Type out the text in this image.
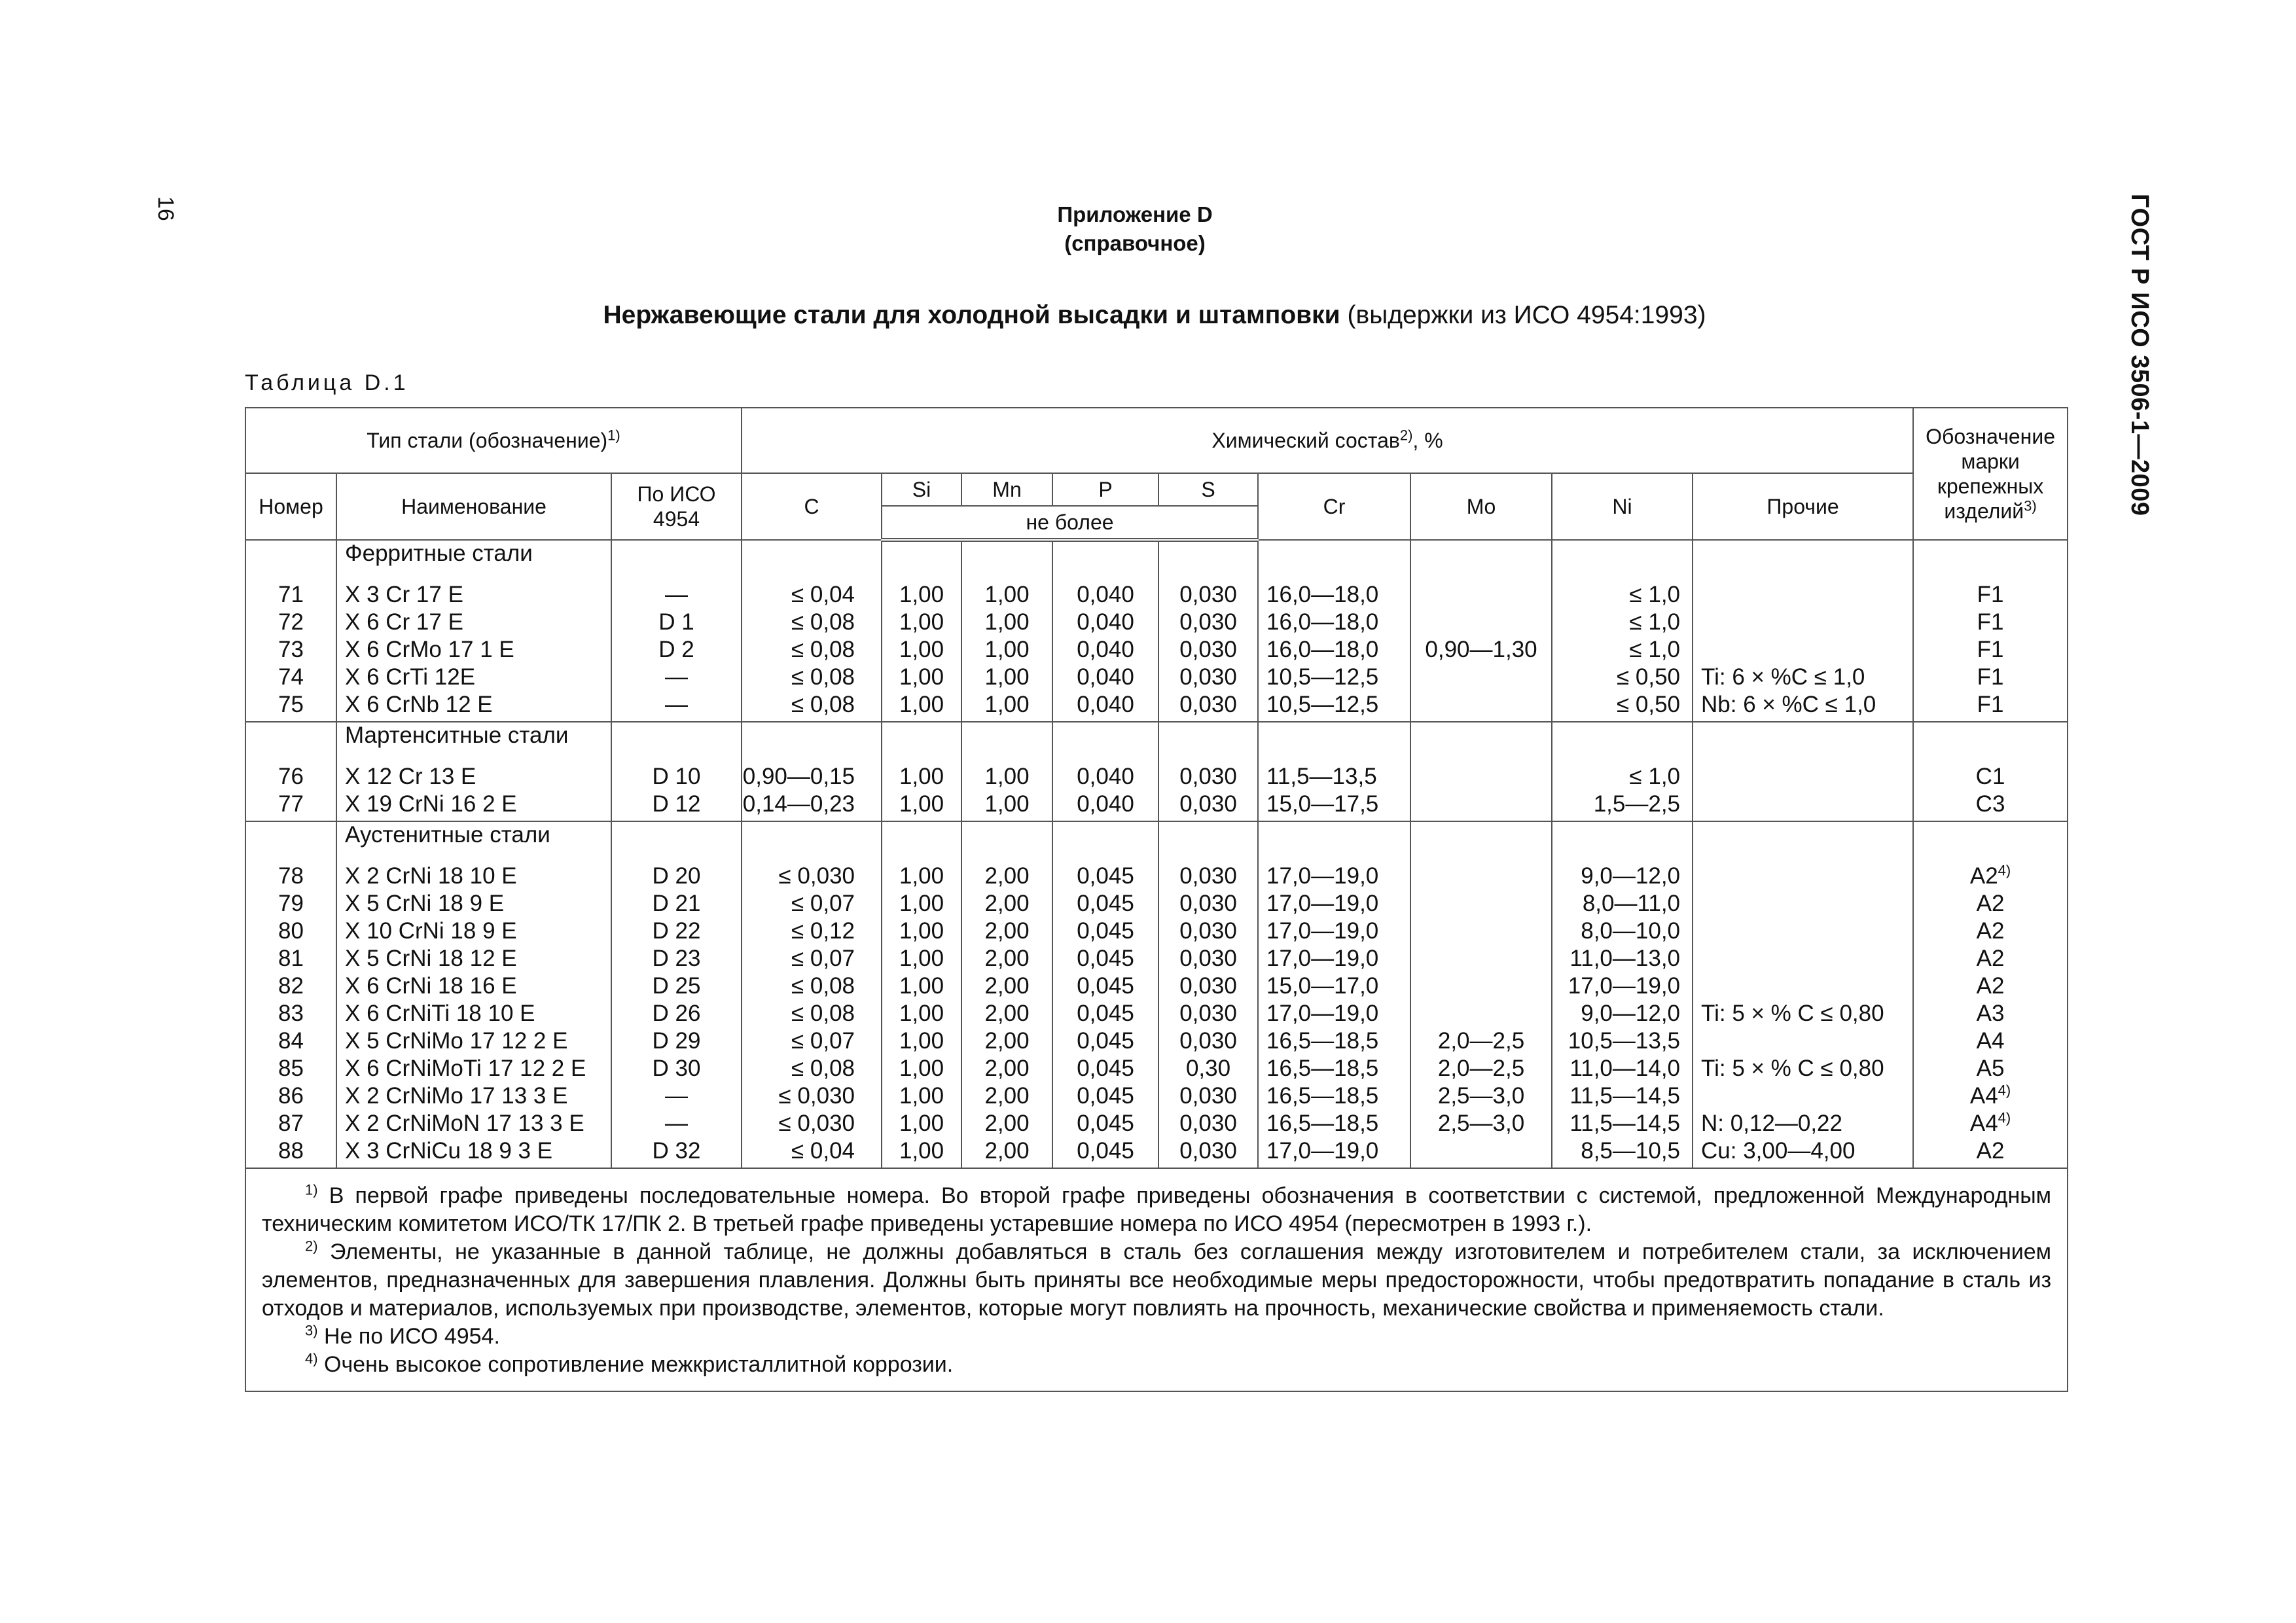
16	ГОСТ Р ИСО 3506-1—2009
Приложение D
(справочное)
Нержавеющие стали для холодной высадки и штамповки (выдержки из ИСО 4954:1993)
Таблица D.1
Тип стали (обозначение)$^{1)}$			Химический состав$^{2)}$, %									Обозначение марки крепежных изделий$^{3)}$
Номер	Наименование	По ИСО 4954	C	Si	Mn	P	S	Cr	Mo	Ni	Прочие	
				не более								
	Ферритные стали											

71	X 3 Cr 17 E	—	≤ 0,04	1,00	1,00	0,040	0,030	16,0—18,0		≤ 1,0		F1
72	X 6 Cr 17 E	D 1	≤ 0,08	1,00	1,00	0,040	0,030	16,0—18,0		≤ 1,0		F1
73	X 6 CrMo 17 1 E	D 2	≤ 0,08	1,00	1,00	0,040	0,030	16,0—18,0	0,90—1,30	≤ 1,0		F1
74	X 6 CrTi 12E	—	≤ 0,08	1,00	1,00	0,040	0,030	10,5—12,5		≤ 0,50	Ti: 6 × %C ≤ 1,0	F1
75	X 6 CrNb 12 E	—	≤ 0,08	1,00	1,00	0,040	0,030	10,5—12,5		≤ 0,50	Nb: 6 × %C ≤ 1,0	F1
	Мартенситные стали											

76	X 12 Cr 13 E	D 10	0,90—0,15	1,00	1,00	0,040	0,030	11,5—13,5		≤ 1,0		C1
77	X 19 CrNi 16 2 E	D 12	0,14—0,23	1,00	1,00	0,040	0,030	15,0—17,5		1,5—2,5		C3
	Аустенитные стали											

78	X 2 CrNi 18 10 E	D 20	≤ 0,030	1,00	2,00	0,045	0,030	17,0—19,0		9,0—12,0		A2$^{4)}$
79	X 5 CrNi 18 9 E	D 21	≤ 0,07	1,00	2,00	0,045	0,030	17,0—19,0		8,0—11,0		A2
80	X 10 CrNi 18 9 E	D 22	≤ 0,12	1,00	2,00	0,045	0,030	17,0—19,0		8,0—10,0		A2
81	X 5 CrNi 18 12 E	D 23	≤ 0,07	1,00	2,00	0,045	0,030	17,0—19,0		11,0—13,0		A2
82	X 6 CrNi 18 16 E	D 25	≤ 0,08	1,00	2,00	0,045	0,030	15,0—17,0		17,0—19,0		A2
83	X 6 CrNiTi 18 10 E	D 26	≤ 0,08	1,00	2,00	0,045	0,030	17,0—19,0		9,0—12,0	Ti: 5 × % C ≤ 0,80	A3
84	X 5 CrNiMo 17 12 2 E	D 29	≤ 0,07	1,00	2,00	0,045	0,030	16,5—18,5	2,0—2,5	10,5—13,5		A4
85	X 6 CrNiMoTi 17 12 2 E	D 30	≤ 0,08	1,00	2,00	0,045	0,30	16,5—18,5	2,0—2,5	11,0—14,0	Ti: 5 × % C ≤ 0,80	A5
86	X 2 CrNiMo 17 13 3 E	—	≤ 0,030	1,00	2,00	0,045	0,030	16,5—18,5	2,5—3,0	11,5—14,5		A4$^{4)}$
87	X 2 CrNiMoN 17 13 3 E	—	≤ 0,030	1,00	2,00	0,045	0,030	16,5—18,5	2,5—3,0	11,5—14,5	N: 0,12—0,22	A4$^{4)}$
88	X 3 CrNiCu 18 9 3 E	D 32	≤ 0,04	1,00	2,00	0,045	0,030	17,0—19,0		8,5—10,5	Cu: 3,00—4,00	A2

$^{1)}$ В первой графе приведены последовательные номера. Во второй графе приведены обозначения в соответствии с системой, предложенной Международным техническим комитетом ИСО/ТК 17/ПК 2. В третьей графе приведены устаревшие номера по ИСО 4954 (пересмотрен в 1993 г.).

$^{2)}$ Элементы, не указанные в данной таблице, не должны добавляться в сталь без соглашения между изготовителем и потребителем стали, за исключением элементов, предназначенных для завершения плавления. Должны быть приняты все необходимые меры предосторожности, чтобы предотвратить попадание в сталь из отходов и материалов, используемых при производстве, элементов, которые могут повлиять на прочность, механические свойства и применяемость стали.

$^{3)}$ Не по ИСО 4954.

$^{4)}$ Очень высокое сопротивление межкристаллитной коррозии.												
